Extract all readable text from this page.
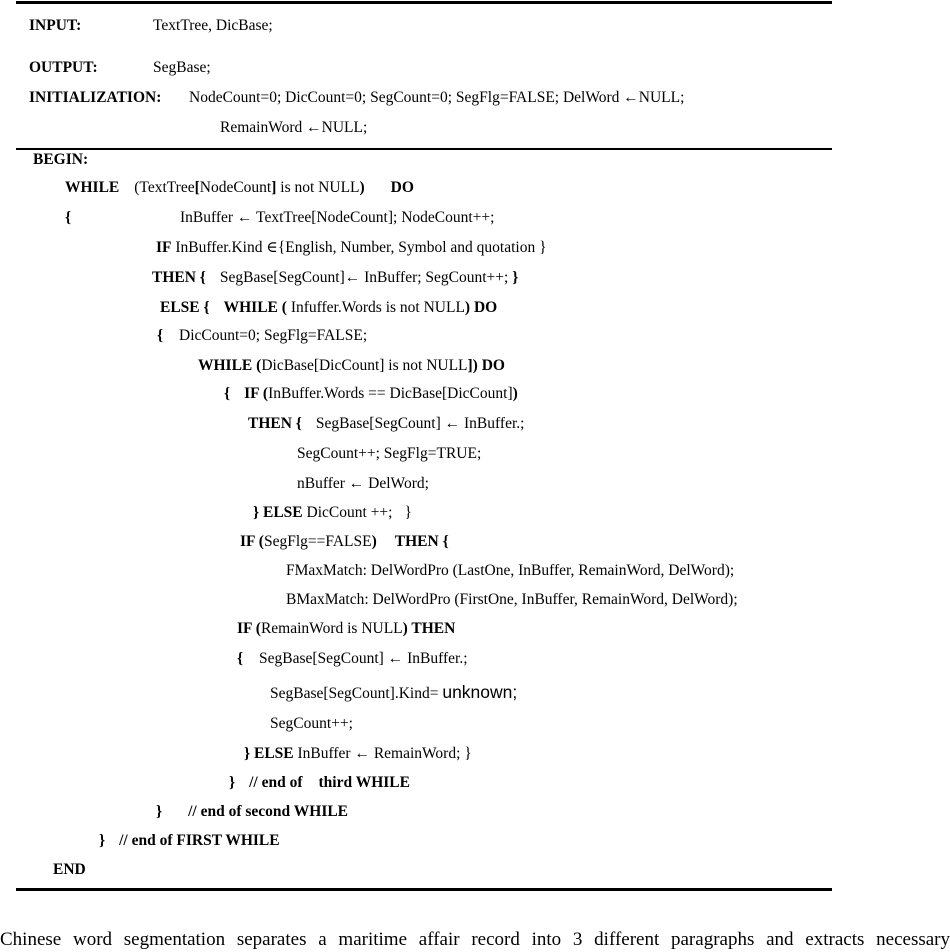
INPUT:	TextTree, DicBase;
OUTPUT:	SegBase;
INITIALIZATION: NodeCount=0; DicCount=0; SegCount=0; SegFlg=FALSE; DelWord ←NULL;
RemainWord ←NULL;
BEGIN:
WHILE (TextTree[NodeCount] is not NULL) DO
{	InBuffer ← TextTree[NodeCount]; NodeCount++;
IF InBuffer.Kind ∈{English, Number, Symbol and quotation }
THEN { SegBase[SegCount]← InBuffer; SegCount++; }
ELSE { WHILE ( Infuffer.Words is not NULL) DO
{ DicCount=0; SegFlg=FALSE;
WHILE (DicBase[DicCount] is not NULL]) DO
{ IF (InBuffer.Words == DicBase[DicCount])
THEN { SegBase[SegCount] ← InBuffer.;
SegCount++; SegFlg=TRUE;
nBuffer ← DelWord;
} ELSE DicCount ++; }
IF (SegFlg==FALSE) THEN {
FMaxMatch: DelWordPro (LastOne, InBuffer, RemainWord, DelWord);
BMaxMatch: DelWordPro (FirstOne, InBuffer, RemainWord, DelWord);
IF (RemainWord is NULL) THEN
{ SegBase[SegCount] ← InBuffer.;
SegBase[SegCount].Kind= unknown;
SegCount++;
} ELSE InBuffer ← RemainWord; }
} // end of third WHILE
} // end of second WHILE
} // end of FIRST WHILE
END
Chinese word segmentation separates a maritime affair record into 3 different paragraphs and extracts necessary
